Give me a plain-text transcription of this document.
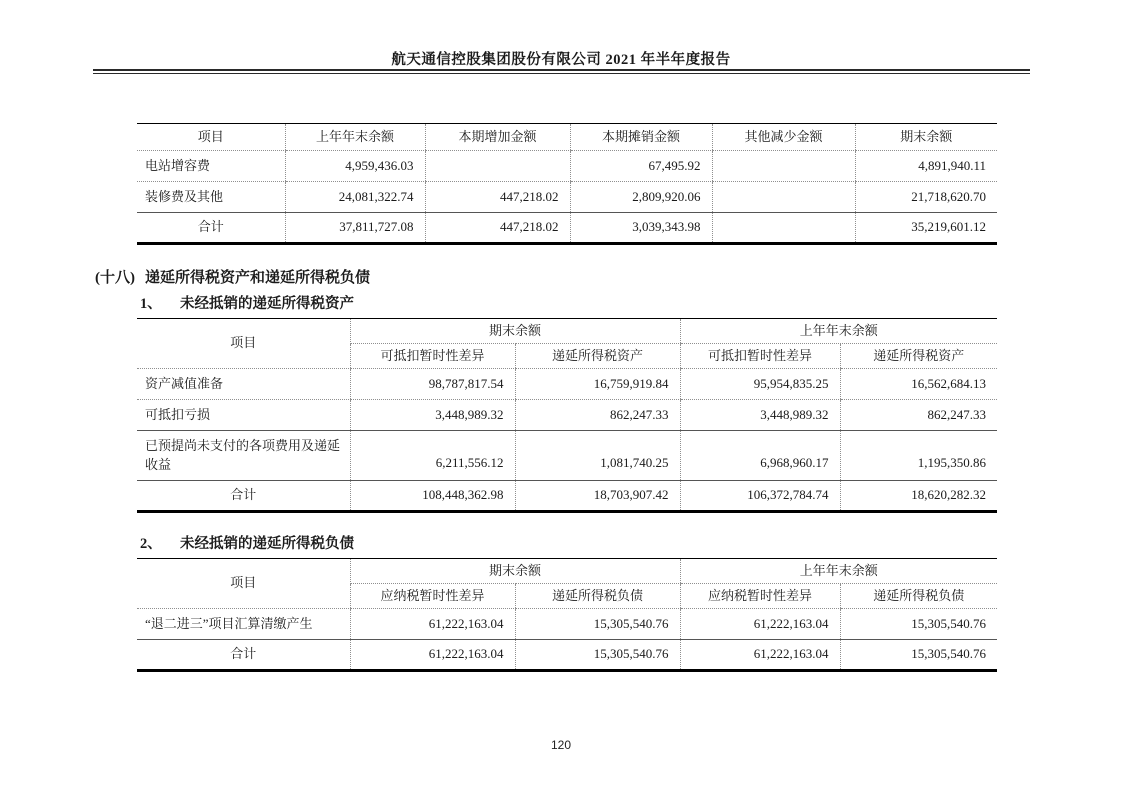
航天通信控股集团股份有限公司 2021 年半年度报告
项目	上年年末余额	本期增加金额	本期摊销金额	其他减少金额	期末余额
电站增容费	4,959,436.03		67,495.92		4,891,940.11
装修费及其他	24,081,322.74	447,218.02	2,809,920.06		21,718,620.70
合计	37,811,727.08	447,218.02	3,039,343.98		35,219,601.12
(十八) 递延所得税资产和递延所得税负债
1、 未经抵销的递延所得税资产
项目	期末余额		上年年末余额	
	可抵扣暂时性差异	递延所得税资产	可抵扣暂时性差异	递延所得税资产
资产减值准备	98,787,817.54	16,759,919.84	95,954,835.25	16,562,684.13
可抵扣亏损	3,448,989.32	862,247.33	3,448,989.32	862,247.33
已预提尚未支付的各项费用及递延收益	6,211,556.12	1,081,740.25	6,968,960.17	1,195,350.86
合计	108,448,362.98	18,703,907.42	106,372,784.74	18,620,282.32
2、 未经抵销的递延所得税负债
项目	期末余额		上年年末余额	
	应纳税暂时性差异	递延所得税负债	应纳税暂时性差异	递延所得税负债
“退二进三”项目汇算清缴产生	61,222,163.04	15,305,540.76	61,222,163.04	15,305,540.76
合计	61,222,163.04	15,305,540.76	61,222,163.04	15,305,540.76
120
